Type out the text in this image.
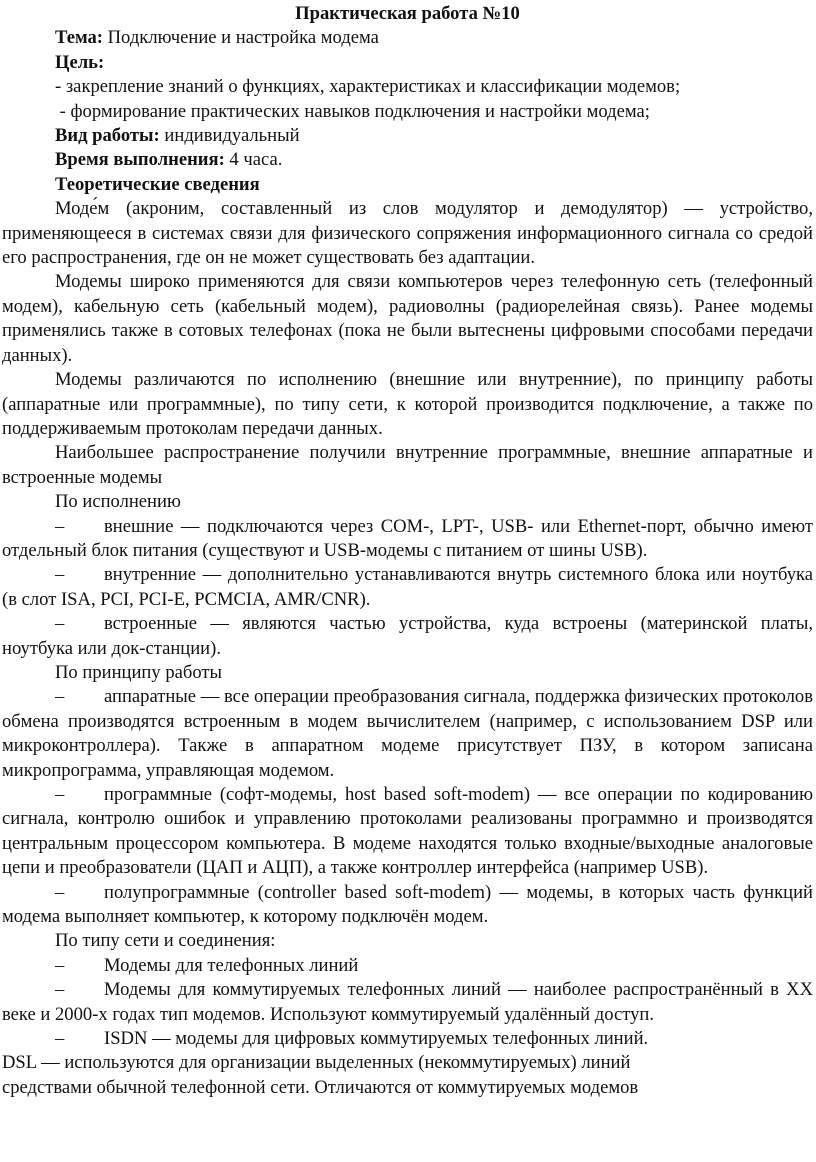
Практическая работа №10

Тема: Подключение и настройка модема

Цель:

- закрепление знаний о функциях, характеристиках и классификации модемов;

- формирование практических навыков подключения и настройки модема;

Вид работы: индивидуальный

Время выполнения: 4 часа.

Теоретические сведения

Моде́м (акроним, составленный из слов модулятор и демодулятор) — устройство, применяющееся в системах связи для физического сопряжения информационного сигнала со средой его распространения, где он не может существовать без адаптации.

Модемы широко применяются для связи компьютеров через телефонную сеть (телефонный модем), кабельную сеть (кабельный модем), радиоволны (радиорелейная связь). Ранее модемы применялись также в сотовых телефонах (пока не были вытеснены цифровыми способами передачи данных).

Модемы различаются по исполнению (внешние или внутренние), по принципу работы (аппаратные или программные), по типу сети, к которой производится подключение, а также по поддерживаемым протоколам передачи данных.

Наибольшее распространение получили внутренние программные, внешние аппаратные и встроенные модемы

По исполнению

– внешние — подключаются через COM-, LPT-, USB- или Ethernet-порт, обычно имеют отдельный блок питания (существуют и USB-модемы с питанием от шины USB).

– внутренние — дополнительно устанавливаются внутрь системного блока или ноутбука (в слот ISA, PCI, PCI-E, PCMCIA, AMR/CNR).

– встроенные — являются частью устройства, куда встроены (материнской платы, ноутбука или док-станции).

По принципу работы

– аппаратные — все операции преобразования сигнала, поддержка физических протоколов обмена производятся встроенным в модем вычислителем (например, с использованием DSP или микроконтроллера). Также в аппаратном модеме присутствует ПЗУ, в котором записана микропрограмма, управляющая модемом.

– программные (софт-модемы, host based soft-modem) — все операции по кодированию сигнала, контролю ошибок и управлению протоколами реализованы программно и производятся центральным процессором компьютера. В модеме находятся только входные/выходные аналоговые цепи и преобразователи (ЦАП и АЦП), а также контроллер интерфейса (например USB).

– полупрограммные (controller based soft-modem) — модемы, в которых часть функций модема выполняет компьютер, к которому подключён модем.

По типу сети и соединения:

– Модемы для телефонных линий

– Модемы для коммутируемых телефонных линий — наиболее распространённый в XX веке и 2000-х годах тип модемов. Используют коммутируемый удалённый доступ.

– ISDN — модемы для цифровых коммутируемых телефонных линий.

DSL — используются для организации выделенных (некоммутируемых) линий

средствами обычной телефонной сети. Отличаются от коммутируемых модемов
